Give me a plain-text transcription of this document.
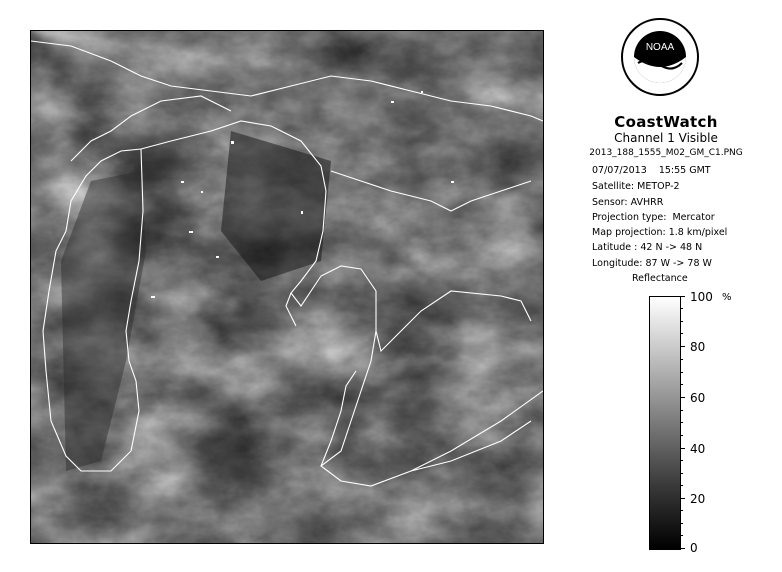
NOAA
CoastWatch
Channel 1 Visible
2013_188_1555_M02_GM_C1.PNG
07/07/2013    15:55 GMT
Satellite: METOP-2
Sensor: AVHRR
Projection type:  Mercator
Map projection: 1.8 km/pixel
Latitude : 42 N -> 48 N
Longitude: 87 W -> 78 W
Reflectance
%
100
80
60
40
20
0
